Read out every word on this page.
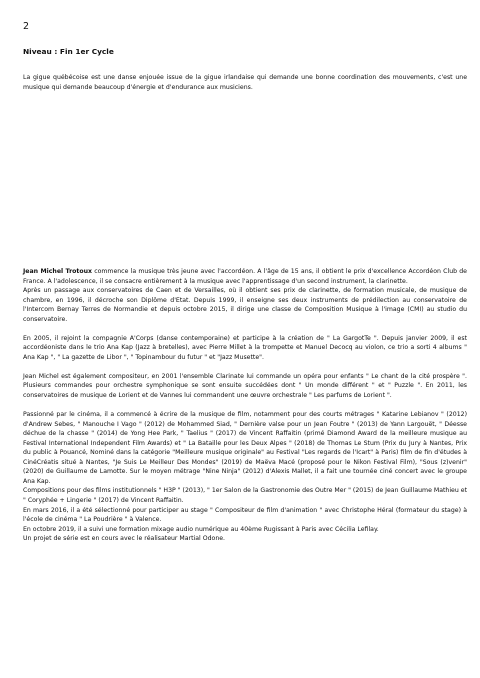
2
Niveau : Fin 1er Cycle
La gigue québécoise est une danse enjouée issue de la gigue irlandaise qui demande une bonne coordination des mouvements, c'est une musique qui demande beaucoup d'énergie et d'endurance aux musiciens.

Jean Michel Trotoux commence la musique très jeune avec l'accordéon. A l'âge de 15 ans, il obtient le prix d'excellence Accordéon Club de France. A l'adolescence, il se consacre entièrement à la musique avec l'apprentissage d'un second instrument, la clarinette.

Après un passage aux conservatoires de Caen et de Versailles, où il obtient ses prix de clarinette, de formation musicale, de musique de chambre, en 1996, il décroche son Diplôme d'Etat. Depuis 1999, il enseigne ses deux instruments de prédilection au conservatoire de l'Intercom Bernay Terres de Normandie et depuis octobre 2015, il dirige une classe de Composition Musique à l'image (CMI) au studio du conservatoire.

En 2005, il rejoint la compagnie A'Corps (danse contemporaine) et participe à la création de " La GargotTe ". Depuis janvier 2009, il est accordéoniste dans le trio Ana Kap (Jazz à bretelles), avec Pierre Millet à la trompette et Manuel Decocq au violon, ce trio a sorti 4 albums " Ana Kap ", " La gazette de Libor ", " Topinambour du futur " et "Jazz Musette".

Jean Michel est également compositeur, en 2001 l'ensemble Clarinate lui commande un opéra pour enfants " Le chant de la cité prospère ". Plusieurs commandes pour orchestre symphonique se sont ensuite succédées dont " Un monde différent " et " Puzzle ". En 2011, les conservatoires de musique de Lorient et de Vannes lui commandent une œuvre orchestrale " Les parfums de Lorient ".

Passionné par le cinéma, il a commencé à écrire de la musique de film, notamment pour des courts métrages " Katarine Lebianov " (2012) d'Andrew Sebes, " Manouche I Vago " (2012) de Mohammed Siad, " Dernière valse pour un Jean Foutre " (2013) de Yann Largouët, " Déesse déchue de la chasse " (2014) de Yong Hee Park, " Taelius " (2017) de Vincent Raffaitin (primé Diamond Award de la meilleure musique au Festival International Independent Film Awards) et " La Bataille pour les Deux Alpes " (2018) de Thomas Le Stum (Prix du Jury à Nantes, Prix du public à Pouancé, Nominé dans la catégorie "Meilleure musique originale" au Festival "Les regards de l'Icart" à Paris) film de fin d'études à CinéCréatis situé à Nantes, "Je Suis Le Meilleur Des Mondes" (2019) de Maëva Macé (proposé pour le Nikon Festival Film), "Sous (z)venir" (2020) de Guillaume de Lamotte. Sur le moyen métrage "Nine Ninja" (2012) d'Alexis Mallet, il a fait une tournée ciné concert avec le groupe Ana Kap.

Compositions pour des films institutionnels " H3P " (2013), " 1er Salon de la Gastronomie des Outre Mer " (2015) de Jean Guillaume Mathieu et " Coryphée + Lingerie " (2017) de Vincent Raffaitin.

En mars 2016, il a été sélectionné pour participer au stage " Compositeur de film d'animation " avec Christophe Héral (formateur du stage) à l'école de cinéma " La Poudrière " à Valence.

En octobre 2019, il a suivi une formation mixage audio numérique au 40ème Rugissant à Paris avec Cécilia Lefilay.

Un projet de série est en cours avec le réalisateur Martial Odone.
